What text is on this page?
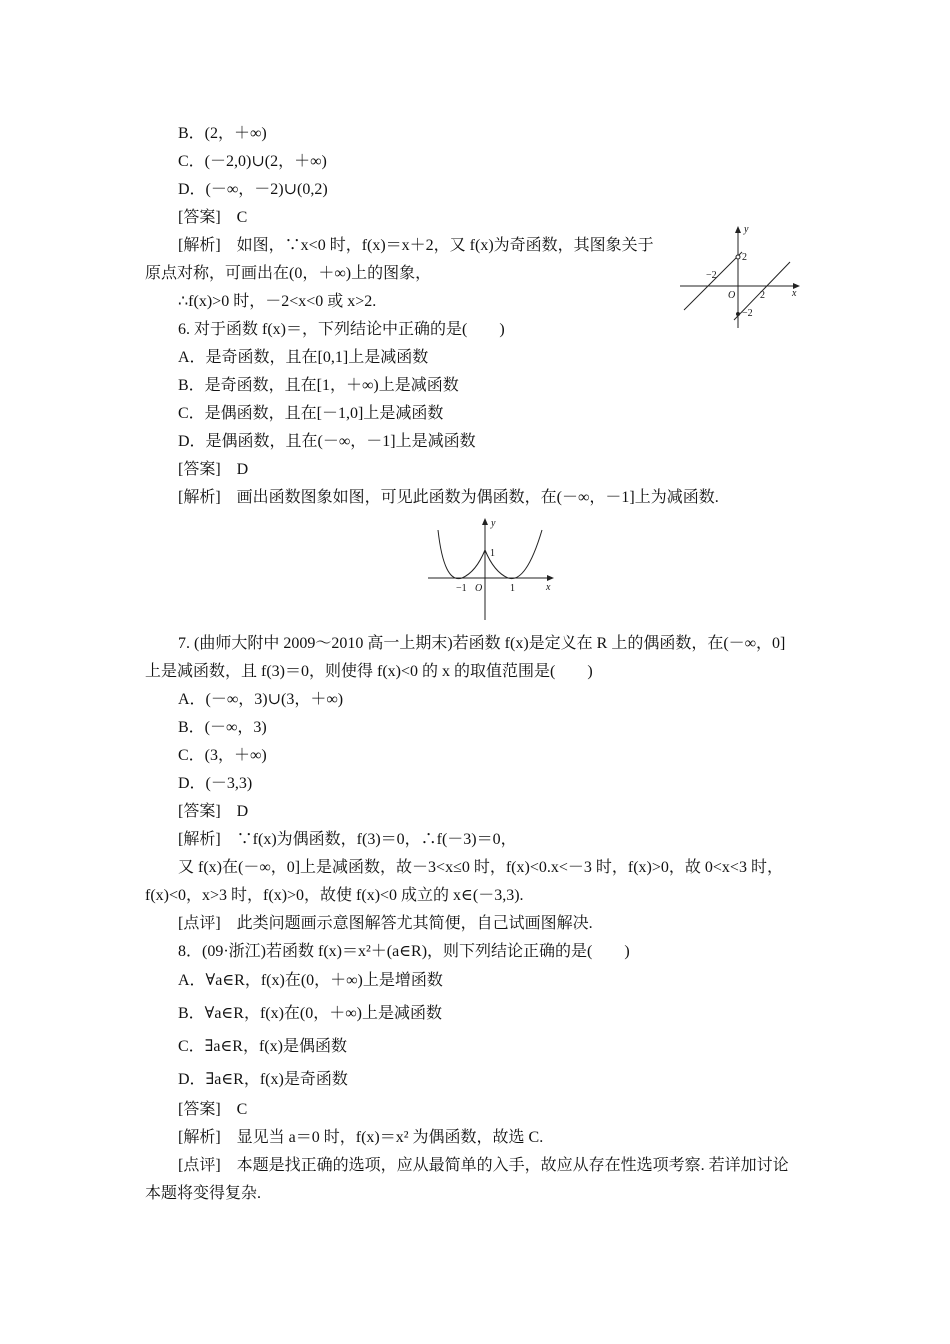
B．(2，＋∞)
C．(－2,0)∪(2，＋∞)
D．(－∞，－2)∪(0,2)
[答案] C
[解析] 如图，∵x<0 时，f(x)＝x＋2，又 f(x)为奇函数，其图象关于
原点对称，可画出在(0，＋∞)上的图象，
∴f(x)>0 时，－2<x<0 或 x>2.
y
x
O
−2
2
2
−2
6. 对于函数 f(x)＝，下列结论中正确的是(　　)
A．是奇函数，且在[0,1]上是减函数
B．是奇函数，且在[1，＋∞)上是减函数
C．是偶函数，且在[－1,0]上是减函数
D．是偶函数，且在(－∞，－1]上是减函数
[答案] D
[解析] 画出函数图象如图，可见此函数为偶函数，在(－∞，－1]上为减函数.
y
x
O
−1	1
1
7. (曲师大附中 2009～2010 高一上期末)若函数 f(x)是定义在 R 上的偶函数，在(－∞，0]
上是减函数，且 f(3)＝0，则使得 f(x)<0 的 x 的取值范围是(　　)
A．(－∞，3)∪(3，＋∞)
B．(－∞，3)
C．(3，＋∞)
D．(－3,3)
[答案] D
[解析] ∵f(x)为偶函数，f(3)＝0，∴f(－3)＝0，
又 f(x)在(－∞，0]上是减函数，故－3<x≤0 时，f(x)<0.x<－3 时，f(x)>0，故 0<x<3 时，
f(x)<0，x>3 时，f(x)>0，故使 f(x)<0 成立的 x∈(－3,3).
[点评] 此类问题画示意图解答尤其简便，自己试画图解决.
8．(09·浙江)若函数 f(x)＝x²＋(a∈R)，则下列结论正确的是(　　)
A．∀a∈R，f(x)在(0，＋∞)上是增函数
B．∀a∈R，f(x)在(0，＋∞)上是减函数
C．∃a∈R，f(x)是偶函数
D．∃a∈R，f(x)是奇函数
[答案] C
[解析] 显见当 a＝0 时，f(x)＝x² 为偶函数，故选 C.
[点评] 本题是找正确的选项，应从最简单的入手，故应从存在性选项考察. 若详加讨论
本题将变得复杂.
